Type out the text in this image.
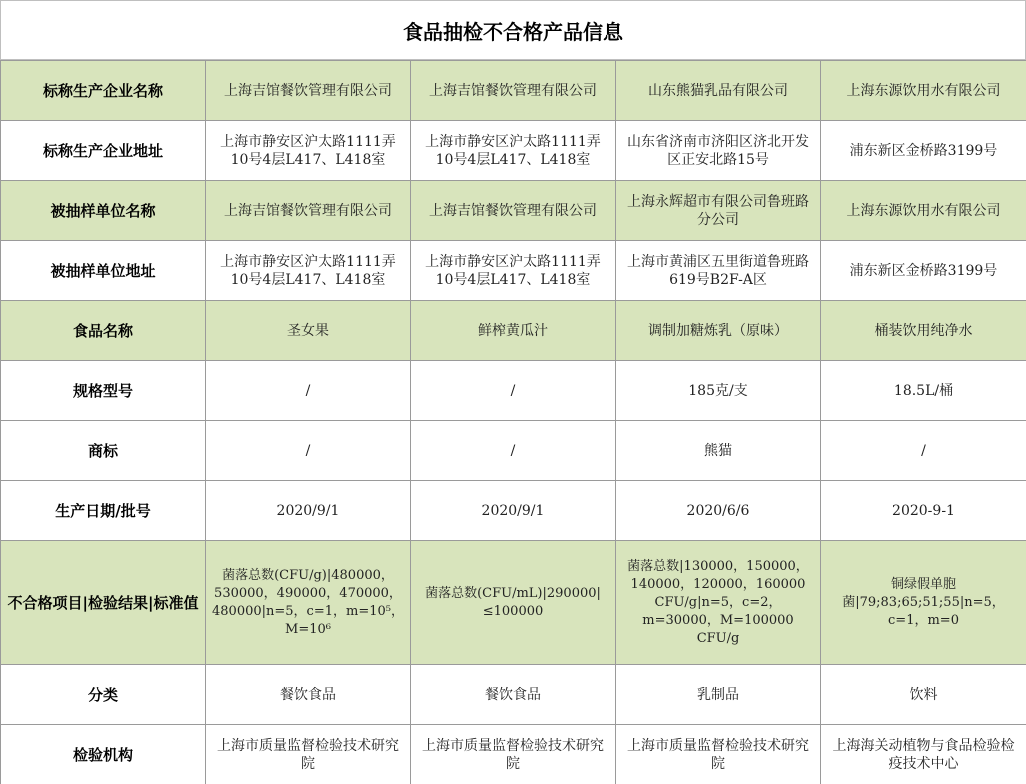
食品抽检不合格产品信息
标称生产企业名称	上海吉馆餐饮管理有限公司	上海吉馆餐饮管理有限公司	山东熊猫乳品有限公司	上海东源饮用水有限公司
标称生产企业地址	上海市静安区沪太路1111弄10号4层L417、L418室	上海市静安区沪太路1111弄10号4层L417、L418室	山东省济南市济阳区济北开发区正安北路15号	浦东新区金桥路3199号
被抽样单位名称	上海吉馆餐饮管理有限公司	上海吉馆餐饮管理有限公司	上海永辉超市有限公司鲁班路分公司	上海东源饮用水有限公司
被抽样单位地址	上海市静安区沪太路1111弄10号4层L417、L418室	上海市静安区沪太路1111弄10号4层L417、L418室	上海市黄浦区五里街道鲁班路619号B2F-A区	浦东新区金桥路3199号
食品名称	圣女果	鲜榨黄瓜汁	调制加糖炼乳（原味）	桶装饮用纯净水
规格型号	/	/	185克/支	18.5L/桶
商标	/	/	熊猫	/
生产日期/批号	2020/9/1	2020/9/1	2020/6/6	2020-9-1
不合格项目|检验结果|标准值	菌落总数(CFU/g)|480000，530000，490000，470000，480000|n=5，c=1，m=10⁵，M=10⁶	菌落总数(CFU/mL)|290000|≤100000	菌落总数|130000，150000，140000，120000，160000 CFU/g|n=5，c=2，m=30000，M=100000 CFU/g	铜绿假单胞菌|79;83;65;51;55|n=5，c=1，m=0
分类	餐饮食品	餐饮食品	乳制品	饮料
检验机构	上海市质量监督检验技术研究院	上海市质量监督检验技术研究院	上海市质量监督检验技术研究院	上海海关动植物与食品检验检疫技术中心
